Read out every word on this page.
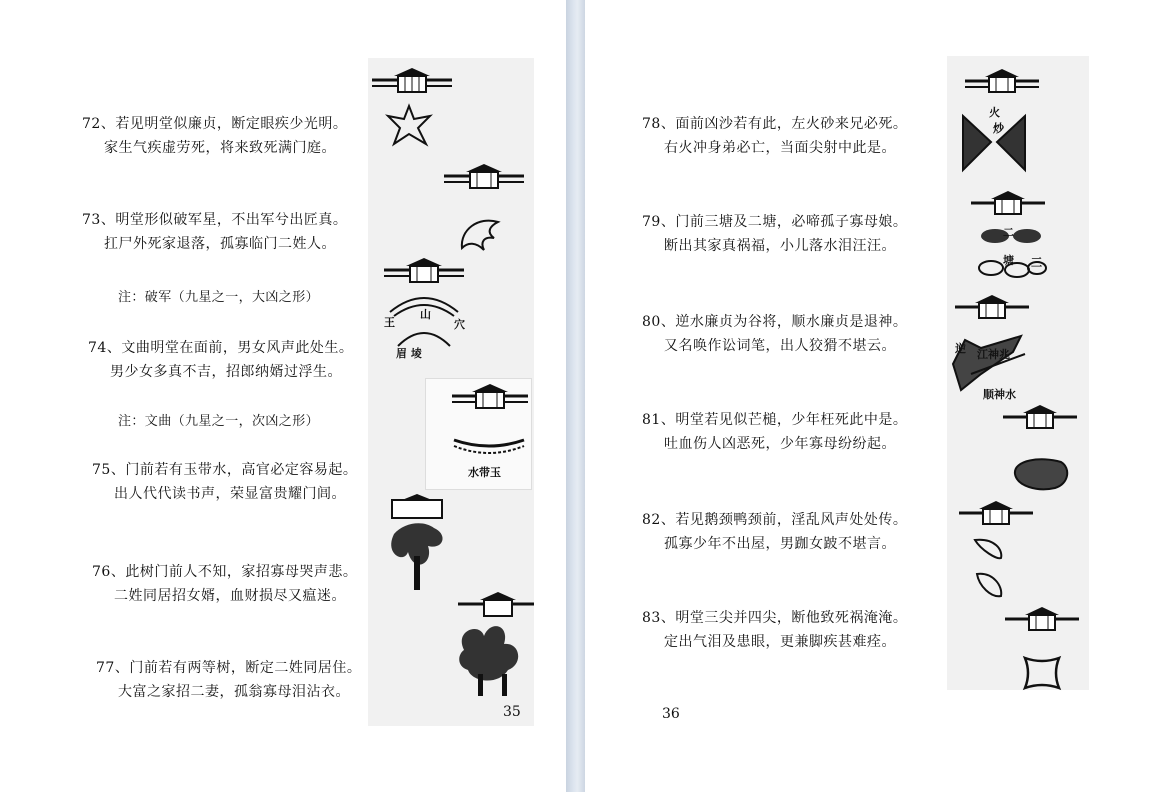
72、若见明堂似廉贞，断定眼疾少光明。
家生气疾虚劳死，将来致死满门庭。
73、明堂形似破军星，不出军兮出匠真。
扛尸外死家退落，孤寡临门二姓人。
注：破军（九星之一，大凶之形）
74、文曲明堂在面前，男女风声此处生。
男少女多真不吉，招郎纳婿过浮生。
注：文曲（九星之一，次凶之形）
75、门前若有玉带水，高官必定容易起。
出人代代读书声，荣显富贵耀门闾。
76、此树门前人不知，家招寡母哭声悲。
二姓同居招女婿，血财损尽又瘟迷。
77、门前若有两等树，断定二姓同居住。
大富之家招二妻，孤翁寡母泪沾衣。
王
山
穴
眉 堎
水带玉
35
78、面前凶沙若有此，左火砂来兄必死。
右火冲身弟必亡，当面尖射中此是。
79、门前三塘及二塘，必啼孤子寡母娘。
断出其家真祸福，小儿落水泪汪汪。
80、逆水廉贞为谷将，顺水廉贞是退神。
又名唤作讼词笔，出人狡猾不堪云。
81、明堂若见似芒槌，少年枉死此中是。
吐血伤人凶恶死，少年寡母纷纷起。
82、若见鹅颈鸭颈前，淫乱风声处处传。
孤寡少年不出屋，男跏女跛不堪言。
83、明堂三尖并四尖，断他致死祸淹淹。
定出气泪及患眼，更兼脚疾甚难痊。
火
炒
二
塘 三
逆 江神兆
顺神水
36
